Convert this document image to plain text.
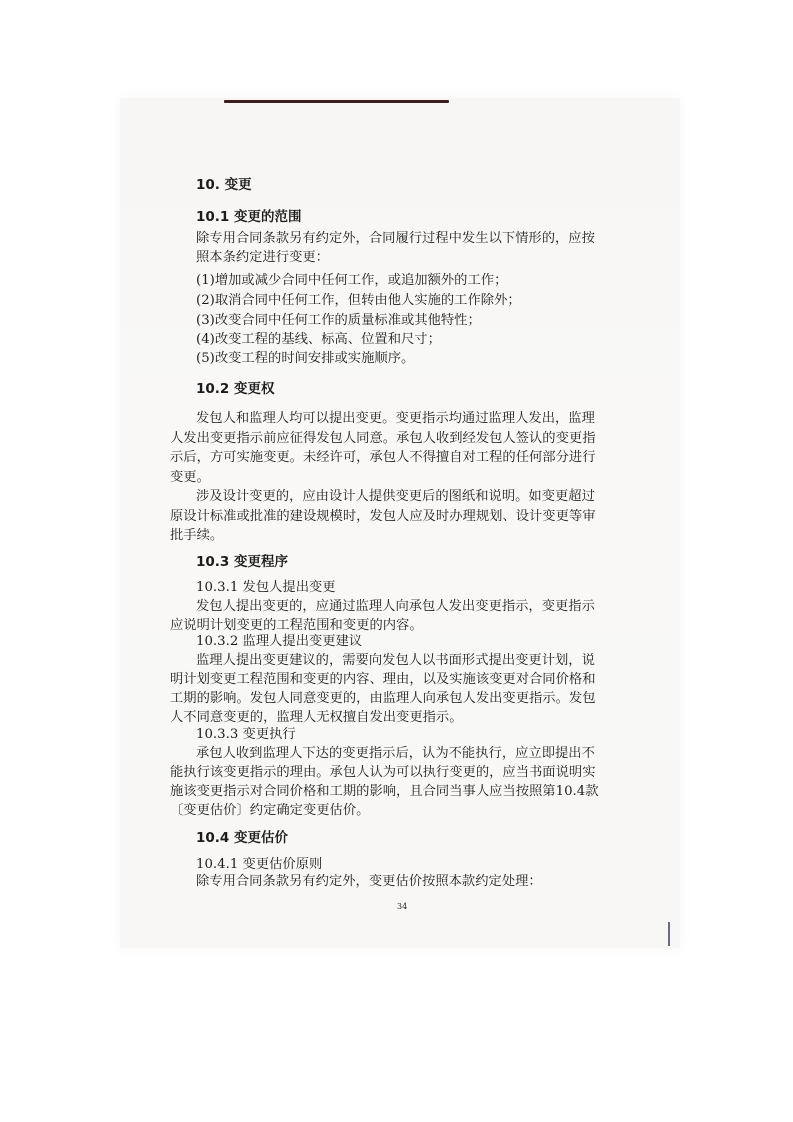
10. 变更
10.1 变更的范围
除专用合同条款另有约定外，合同履行过程中发生以下情形的，应按
照本条约定进行变更：
(1)增加或减少合同中任何工作，或追加额外的工作；
(2)取消合同中任何工作，但转由他人实施的工作除外；
(3)改变合同中任何工作的质量标准或其他特性；
(4)改变工程的基线、标高、位置和尺寸；
(5)改变工程的时间安排或实施顺序。
10.2 变更权
发包人和监理人均可以提出变更。变更指示均通过监理人发出，监理
人发出变更指示前应征得发包人同意。承包人收到经发包人签认的变更指
示后，方可实施变更。未经许可，承包人不得擅自对工程的任何部分进行
变更。
涉及设计变更的，应由设计人提供变更后的图纸和说明。如变更超过
原设计标准或批准的建设规模时，发包人应及时办理规划、设计变更等审
批手续。
10.3 变更程序
10.3.1 发包人提出变更
发包人提出变更的，应通过监理人向承包人发出变更指示，变更指示
应说明计划变更的工程范围和变更的内容。
10.3.2 监理人提出变更建议
监理人提出变更建议的，需要向发包人以书面形式提出变更计划，说
明计划变更工程范围和变更的内容、理由，以及实施该变更对合同价格和
工期的影响。发包人同意变更的，由监理人向承包人发出变更指示。发包
人不同意变更的，监理人无权擅自发出变更指示。
10.3.3 变更执行
承包人收到监理人下达的变更指示后，认为不能执行，应立即提出不
能执行该变更指示的理由。承包人认为可以执行变更的，应当书面说明实
施该变更指示对合同价格和工期的影响，且合同当事人应当按照第10.4款
〔变更估价〕约定确定变更估价。
10.4 变更估价
10.4.1 变更估价原则
除专用合同条款另有约定外，变更估价按照本款约定处理：
34
